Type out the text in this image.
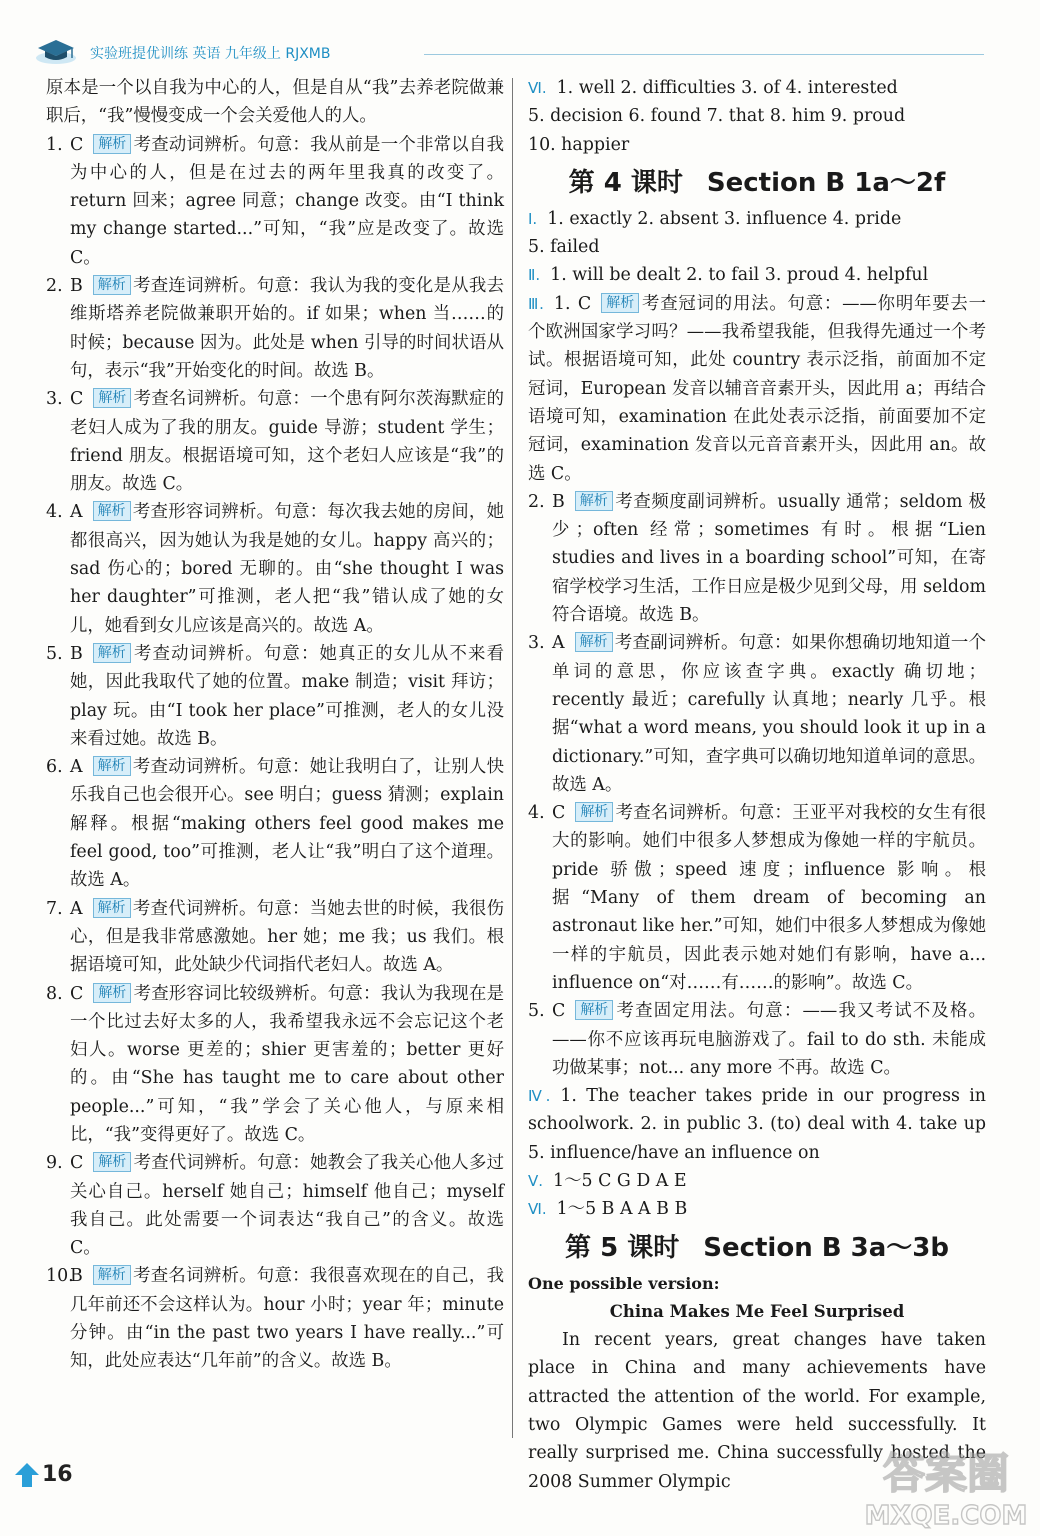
实验班提优训练 英语 九年级上 RJXMB

原本是一个以自我为中心的人，但是自从“我”去养老院做兼职后，“我”慢慢变成一个会关爱他人的人。

1. C 解析 考查动词辨析。句意：我从前是一个非常以自我为中心的人，但是在过去的两年里我真的改变了。return 回来；agree 同意；change 改变。由“I think my change started...”可知，“我”应是改变了。故选 C。

2. B 解析 考查连词辨析。句意：我认为我的变化是从我去维斯塔养老院做兼职开始的。if 如果；when 当……的时候；because 因为。此处是 when 引导的时间状语从句，表示“我”开始变化的时间。故选 B。

3. C 解析 考查名词辨析。句意：一个患有阿尔茨海默症的老妇人成为了我的朋友。guide 导游；student 学生；friend 朋友。根据语境可知，这个老妇人应该是“我”的朋友。故选 C。

4. A 解析 考查形容词辨析。句意：每次我去她的房间，她都很高兴，因为她认为我是她的女儿。happy 高兴的；sad 伤心的；bored 无聊的。由“she thought I was her daughter”可推测，老人把“我”错认成了她的女儿，她看到女儿应该是高兴的。故选 A。

5. B 解析 考查动词辨析。句意：她真正的女儿从不来看她，因此我取代了她的位置。make 制造；visit 拜访；play 玩。由“I took her place”可推测，老人的女儿没来看过她。故选 B。

6. A 解析 考查动词辨析。句意：她让我明白了，让别人快乐我自己也会很开心。see 明白；guess 猜测；explain 解释。根据“making others feel good makes me feel good, too”可推测，老人让“我”明白了这个道理。故选 A。

7. A 解析 考查代词辨析。句意：当她去世的时候，我很伤心，但是我非常感激她。her 她；me 我；us 我们。根据语境可知，此处缺少代词指代老妇人。故选 A。

8. C 解析 考查形容词比较级辨析。句意：我认为我现在是一个比过去好太多的人，我希望我永远不会忘记这个老妇人。worse 更差的；shier 更害羞的；better 更好的。由“She has taught me to care about other people...”可知，“我”学会了关心他人，与原来相比，“我”变得更好了。故选 C。

9. C 解析 考查代词辨析。句意：她教会了我关心他人多过关心自己。herself 她自己；himself 他自己；myself 我自己。此处需要一个词表达“我自己”的含义。故选 C。

10.B 解析 考查名词辨析。句意：我很喜欢现在的自己，我几年前还不会这样认为。hour 小时；year 年；minute 分钟。由“in the past two years I have really...”可知，此处应表达“几年前”的含义。故选 B。

Ⅵ. 1. well 2. difficulties 3. of 4. interested

5. decision 6. found 7. that 8. him 9. proud

10. happier

第 4 课时 Section B 1a～2f

Ⅰ. 1. exactly 2. absent 3. influence 4. pride

5. failed

Ⅱ. 1. will be dealt 2. to fail 3. proud 4. helpful

Ⅲ. 1. C 解析 考查冠词的用法。句意：——你明年要去一个欧洲国家学习吗？——我希望我能，但我得先通过一个考试。根据语境可知，此处 country 表示泛指，前面加不定冠词，European 发音以辅音音素开头，因此用 a；再结合语境可知，examination 在此处表示泛指，前面要加不定冠词，examination 发音以元音音素开头，因此用 an。故选 C。

2. B 解析 考查频度副词辨析。usually 通常；seldom 极少；often 经常；sometimes 有时。根据“Lien studies and lives in a boarding school”可知，在寄宿学校学习生活，工作日应是极少见到父母，用 seldom 符合语境。故选 B。

3. A 解析 考查副词辨析。句意：如果你想确切地知道一个单词的意思，你应该查字典。exactly 确切地；recently 最近；carefully 认真地；nearly 几乎。根据“what a word means, you should look it up in a dictionary.”可知，查字典可以确切地知道单词的意思。故选 A。

4. C 解析 考查名词辨析。句意：王亚平对我校的女生有很大的影响。她们中很多人梦想成为像她一样的宇航员。pride 骄傲；speed 速度；influence 影响。根据“Many of them dream of becoming an astronaut like her.”可知，她们中很多人梦想成为像她一样的宇航员，因此表示她对她们有影响，have a... influence on“对……有……的影响”。故选 C。

5. C 解析 考查固定用法。句意：——我又考试不及格。——你不应该再玩电脑游戏了。fail to do sth. 未能成功做某事；not... any more 不再。故选 C。

Ⅳ. 1. The teacher takes pride in our progress in schoolwork. 2. in public 3. (to) deal with 4. take up 5. influence/have an influence on

Ⅴ. 1～5 C G D A E

Ⅵ. 1～5 B A A B B

第 5 课时 Section B 3a～3b

One possible version:

China Makes Me Feel Surprised

In recent years, great changes have taken place in China and many achievements have attracted the attention of the world. For example, two Olympic Games were held successfully. It really surprised me. China successfully hosted the 2008 Summer Olympic

16	答案圈
MXQE.COM
